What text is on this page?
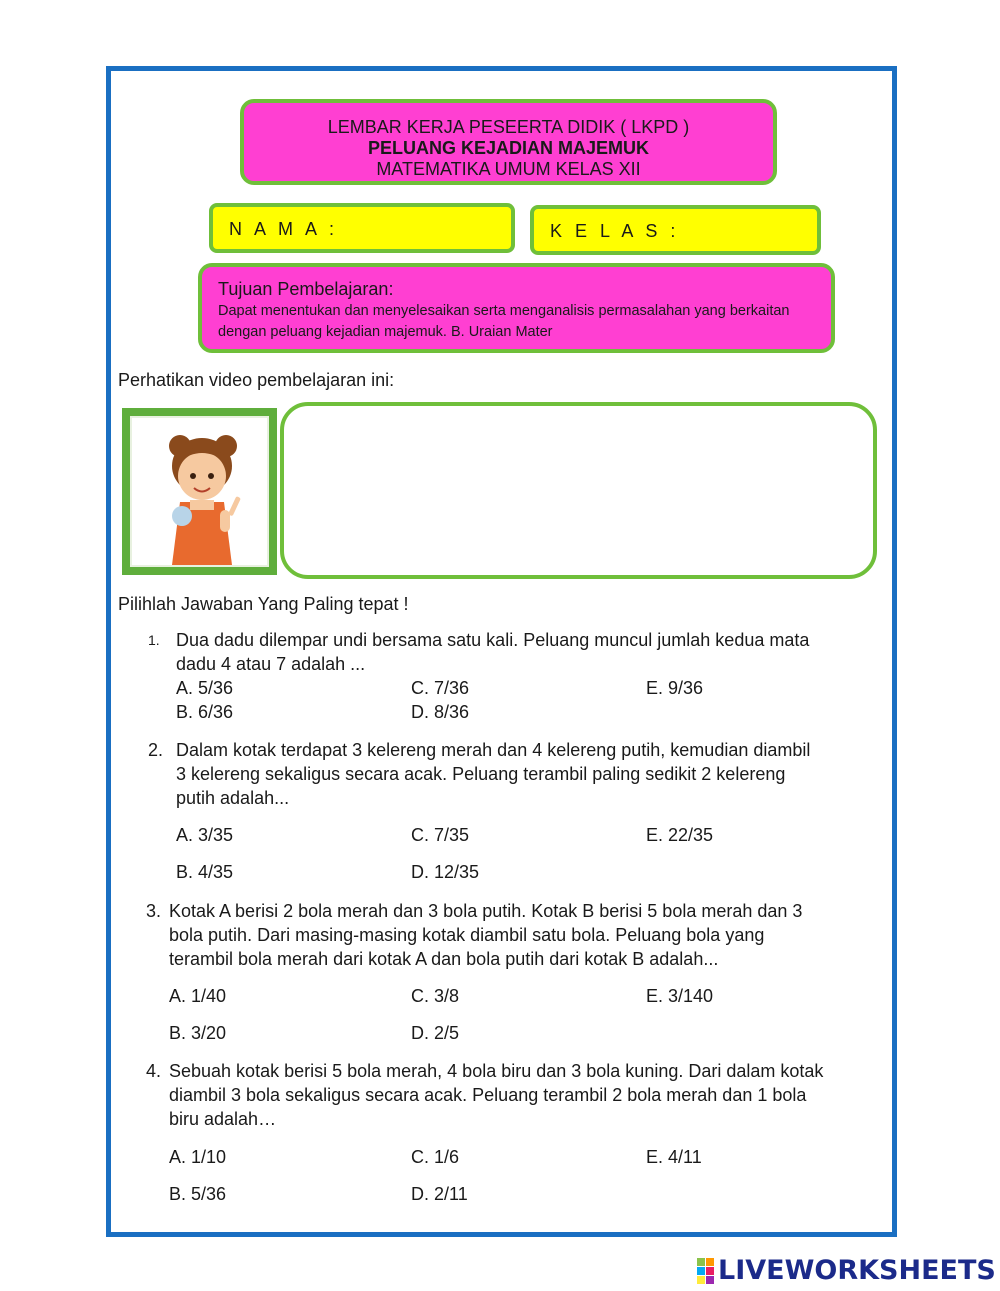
LEMBAR KERJA PESEERTA DIDIK ( LKPD )
PELUANG KEJADIAN MAJEMUK
MATEMATIKA UMUM KELAS XII
N A M A :	K E L A S :
Tujuan Pembelajaran:
Dapat menentukan dan menyelesaikan serta menganalisis permasalahan yang berkaitan dengan peluang kejadian majemuk. B. Uraian Mater
Perhatikan video pembelajaran ini:
Pilihlah Jawaban Yang Paling tepat !
1. Dua dadu dilempar undi bersama satu kali. Peluang muncul jumlah kedua mata
dadu 4 atau 7 adalah ...
A. 5/36
B. 6/36
C. 7/36
D. 8/36
E. 9/36
2. Dalam kotak terdapat 3 kelereng merah dan 4 kelereng putih, kemudian diambil
3 kelereng sekaligus secara acak. Peluang terambil paling sedikit 2 kelereng
putih adalah...
A. 3/35
B. 4/35
C. 7/35
D. 12/35
E. 22/35
3. Kotak A berisi 2 bola merah dan 3 bola putih. Kotak B berisi 5 bola merah dan 3
bola putih. Dari masing-masing kotak diambil satu bola. Peluang bola yang
terambil bola merah dari kotak A dan bola putih dari kotak B adalah...
A. 1/40
B. 3/20
C. 3/8
D. 2/5
E. 3/140
4. Sebuah kotak berisi 5 bola merah, 4 bola biru dan 3 bola kuning. Dari dalam kotak
diambil 3 bola sekaligus secara acak. Peluang terambil 2 bola merah dan 1 bola
biru adalah…
A. 1/10
B. 5/36
C. 1/6
D. 2/11
E. 4/11
LIVEWORKSHEETS
